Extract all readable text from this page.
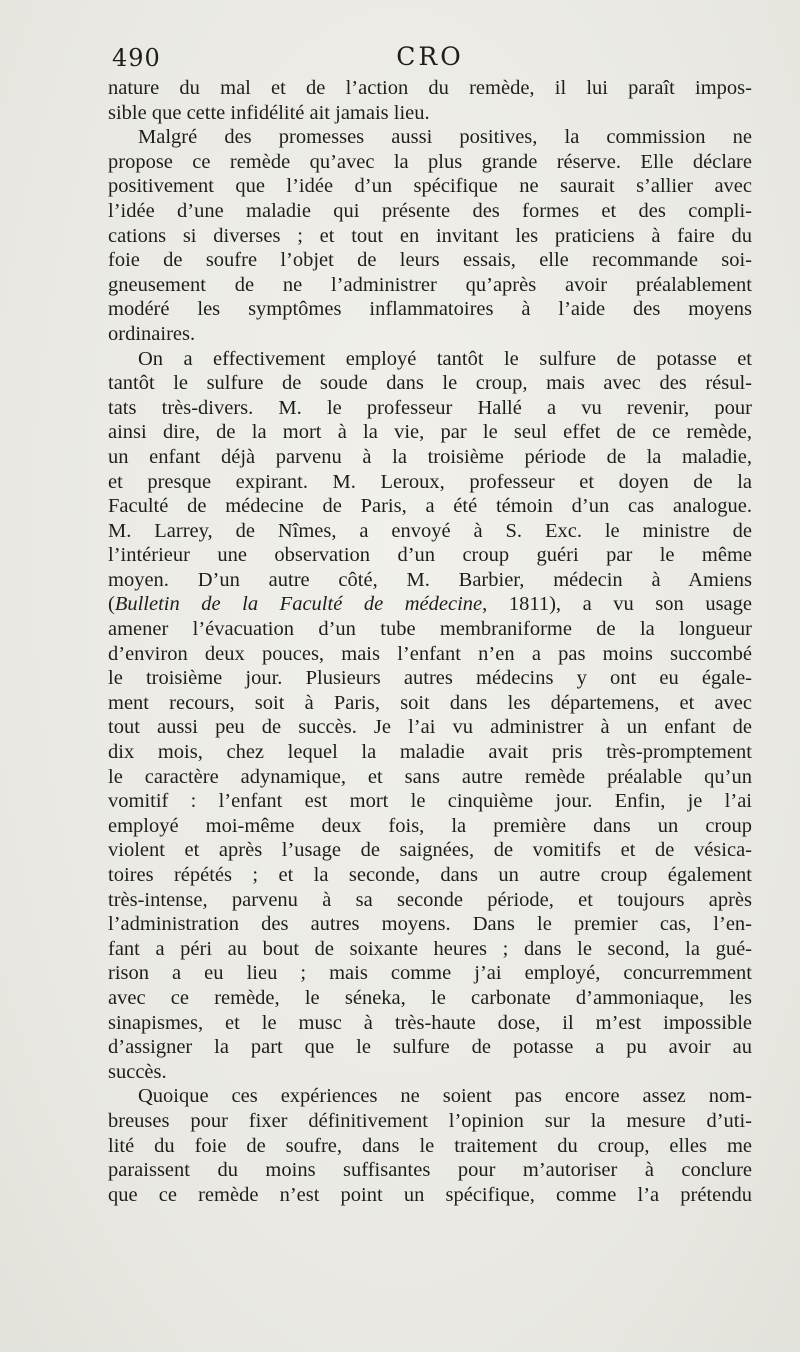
490	CRO
nature du mal et de l’action du remède, il lui paraît impos-
sible que cette infidélité ait jamais lieu.
Malgré des promesses aussi positives, la commission ne
propose ce remède qu’avec la plus grande réserve. Elle déclare
positivement que l’idée d’un spécifique ne saurait s’allier avec
l’idée d’une maladie qui présente des formes et des compli-
cations si diverses ; et tout en invitant les praticiens à faire du
foie de soufre l’objet de leurs essais, elle recommande soi-
gneusement de ne l’administrer qu’après avoir préalablement
modéré les symptômes inflammatoires à l’aide des moyens
ordinaires.
On a effectivement employé tantôt le sulfure de potasse et
tantôt le sulfure de soude dans le croup, mais avec des résul-
tats très-divers. M. le professeur Hallé a vu revenir, pour
ainsi dire, de la mort à la vie, par le seul effet de ce remède,
un enfant déjà parvenu à la troisième période de la maladie,
et presque expirant. M. Leroux, professeur et doyen de la
Faculté de médecine de Paris, a été témoin d’un cas analogue.
M. Larrey, de Nîmes, a envoyé à S. Exc. le ministre de
l’intérieur une observation d’un croup guéri par le même
moyen. D’un autre côté, M. Barbier, médecin à Amiens
(Bulletin de la Faculté de médecine, 1811), a vu son usage
amener l’évacuation d’un tube membraniforme de la longueur
d’environ deux pouces, mais l’enfant n’en a pas moins succombé
le troisième jour. Plusieurs autres médecins y ont eu égale-
ment recours, soit à Paris, soit dans les départemens, et avec
tout aussi peu de succès. Je l’ai vu administrer à un enfant de
dix mois, chez lequel la maladie avait pris très-promptement
le caractère adynamique, et sans autre remède préalable qu’un
vomitif : l’enfant est mort le cinquième jour. Enfin, je l’ai
employé moi-même deux fois, la première dans un croup
violent et après l’usage de saignées, de vomitifs et de vésica-
toires répétés ; et la seconde, dans un autre croup également
très-intense, parvenu à sa seconde période, et toujours après
l’administration des autres moyens. Dans le premier cas, l’en-
fant a péri au bout de soixante heures ; dans le second, la gué-
rison a eu lieu ; mais comme j’ai employé, concurremment
avec ce remède, le séneka, le carbonate d’ammoniaque, les
sinapismes, et le musc à très-haute dose, il m’est impossible
d’assigner la part que le sulfure de potasse a pu avoir au
succès.
Quoique ces expériences ne soient pas encore assez nom-
breuses pour fixer définitivement l’opinion sur la mesure d’uti-
lité du foie de soufre, dans le traitement du croup, elles me
paraissent du moins suffisantes pour m’autoriser à conclure
que ce remède n’est point un spécifique, comme l’a prétendu
